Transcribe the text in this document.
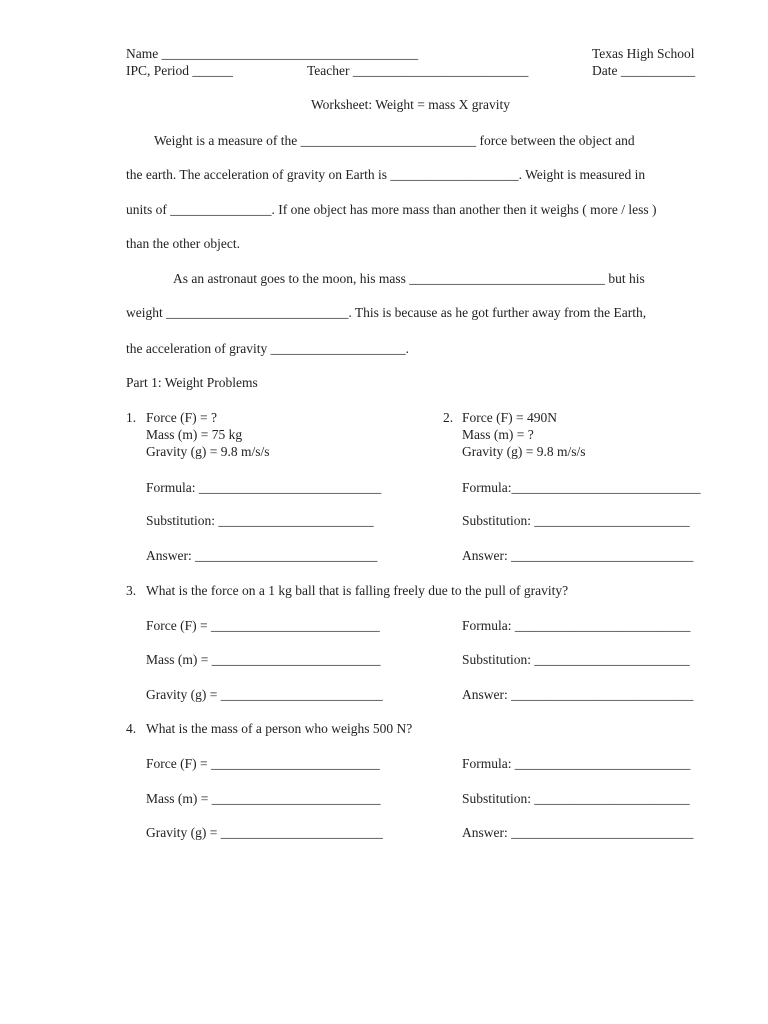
Name ______________________________________	Texas High School
IPC, Period ______	Teacher __________________________	Date ___________
Worksheet: Weight = mass X gravity
Weight is a measure of the __________________________ force between the object and
the earth. The acceleration of gravity on Earth is ___________________. Weight is measured in
units of _______________. If one object has more mass than another then it weighs ( more / less )
than the other object.
As an astronaut goes to the moon, his mass _____________________________ but his
weight ___________________________. This is because as he got further away from the Earth,
the acceleration of gravity ____________________.
Part 1: Weight Problems
1. Force (F) = ?
Mass (m) = 75 kg
Gravity (g) = 9.8 m/s/s
Formula: ___________________________
Substitution: _______________________
Answer: ___________________________
2. Force (F) = 490N
Mass (m) = ?
Gravity (g) = 9.8 m/s/s
Formula:____________________________
Substitution: _______________________
Answer: ___________________________
3. What is the force on a 1 kg ball that is falling freely due to the pull of gravity?
Force (F) = _________________________
Mass (m) = _________________________
Gravity (g) = ________________________
Formula: __________________________
Substitution: _______________________
Answer: ___________________________
4. What is the mass of a person who weighs 500 N?
Force (F) = _________________________
Mass (m) = _________________________
Gravity (g) = ________________________
Formula: __________________________
Substitution: _______________________
Answer: ___________________________
